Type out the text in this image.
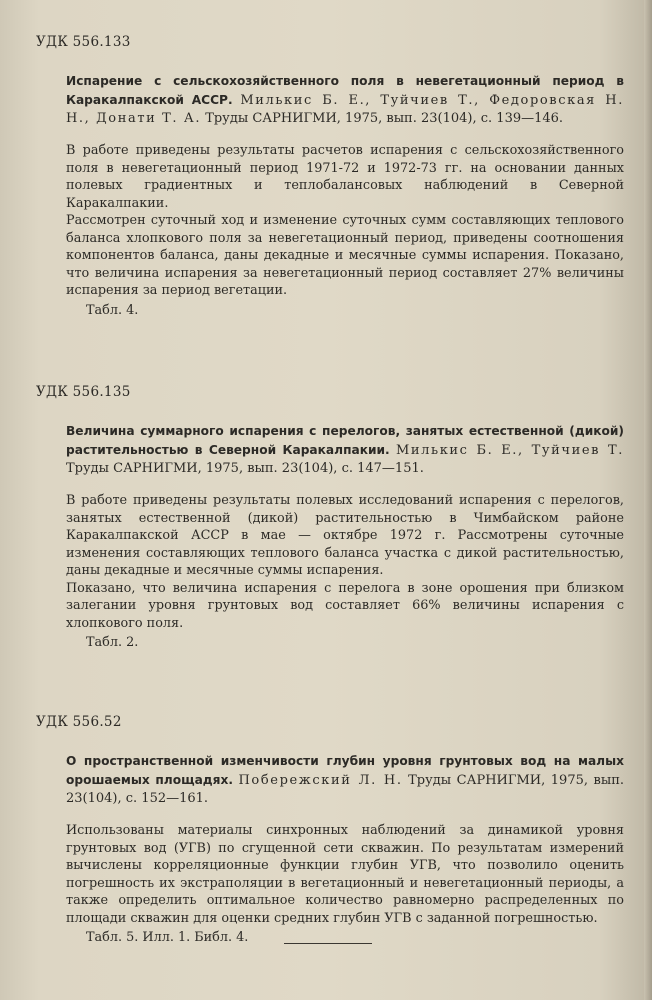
УДК 556.133
Испарение с сельскохозяйственного поля в невегетационный период в Каракалпакской АССР. Милькис Б. Е., Туйчиев Т., Федоровская Н. Н., Донати Т. А. Труды САРНИГМИ, 1975, вып. 23(104), с. 139—146.

В работе приведены результаты расчетов испарения с сельскохозяйственного поля в невегетационный период 1971-72 и 1972-73 гг. на основании данных полевых градиентных и теплобалансовых наблюдений в Северной Каракалпакии.

Рассмотрен суточный ход и изменение суточных сумм составляющих теплового баланса хлопкового поля за невегетационный период, приведены соотношения компонентов баланса, даны декадные и месячные суммы испарения. Показано, что величина испарения за невегетационный период составляет 27% величины испарения за период вегетации.

Табл. 4.
УДК 556.135
Величина суммарного испарения с перелогов, занятых естественной (дикой) растительностью в Северной Каракалпакии. Милькис Б. Е., Туйчиев Т. Труды САРНИГМИ, 1975, вып. 23(104), с. 147—151.

В работе приведены результаты полевых исследований испарения с перелогов, занятых естественной (дикой) растительностью в Чимбайском районе Каракалпакской АССР в мае — октябре 1972 г. Рассмотрены суточные изменения составляющих теплового баланса участка с дикой растительностью, даны декадные и месячные суммы испарения.

Показано, что величина испарения с перелога в зоне орошения при близком залегании уровня грунтовых вод составляет 66% величины испарения с хлопкового поля.

Табл. 2.
УДК 556.52
О пространственной изменчивости глубин уровня грунтовых вод на малых орошаемых площадях. Побережский Л. Н. Труды САРНИГМИ, 1975, вып. 23(104), с. 152—161.

Использованы материалы синхронных наблюдений за динамикой уровня грунтовых вод (УГВ) по сгущенной сети скважин. По результатам измерений вычислены корреляционные функции глубин УГВ, что позволило оценить погрешность их экстраполяции в вегетационный и невегетационный периоды, а также определить оптимальное количество равномерно распределенных по площади скважин для оценки средних глубин УГВ с заданной погрешностью.

Табл. 5. Илл. 1. Библ. 4.
